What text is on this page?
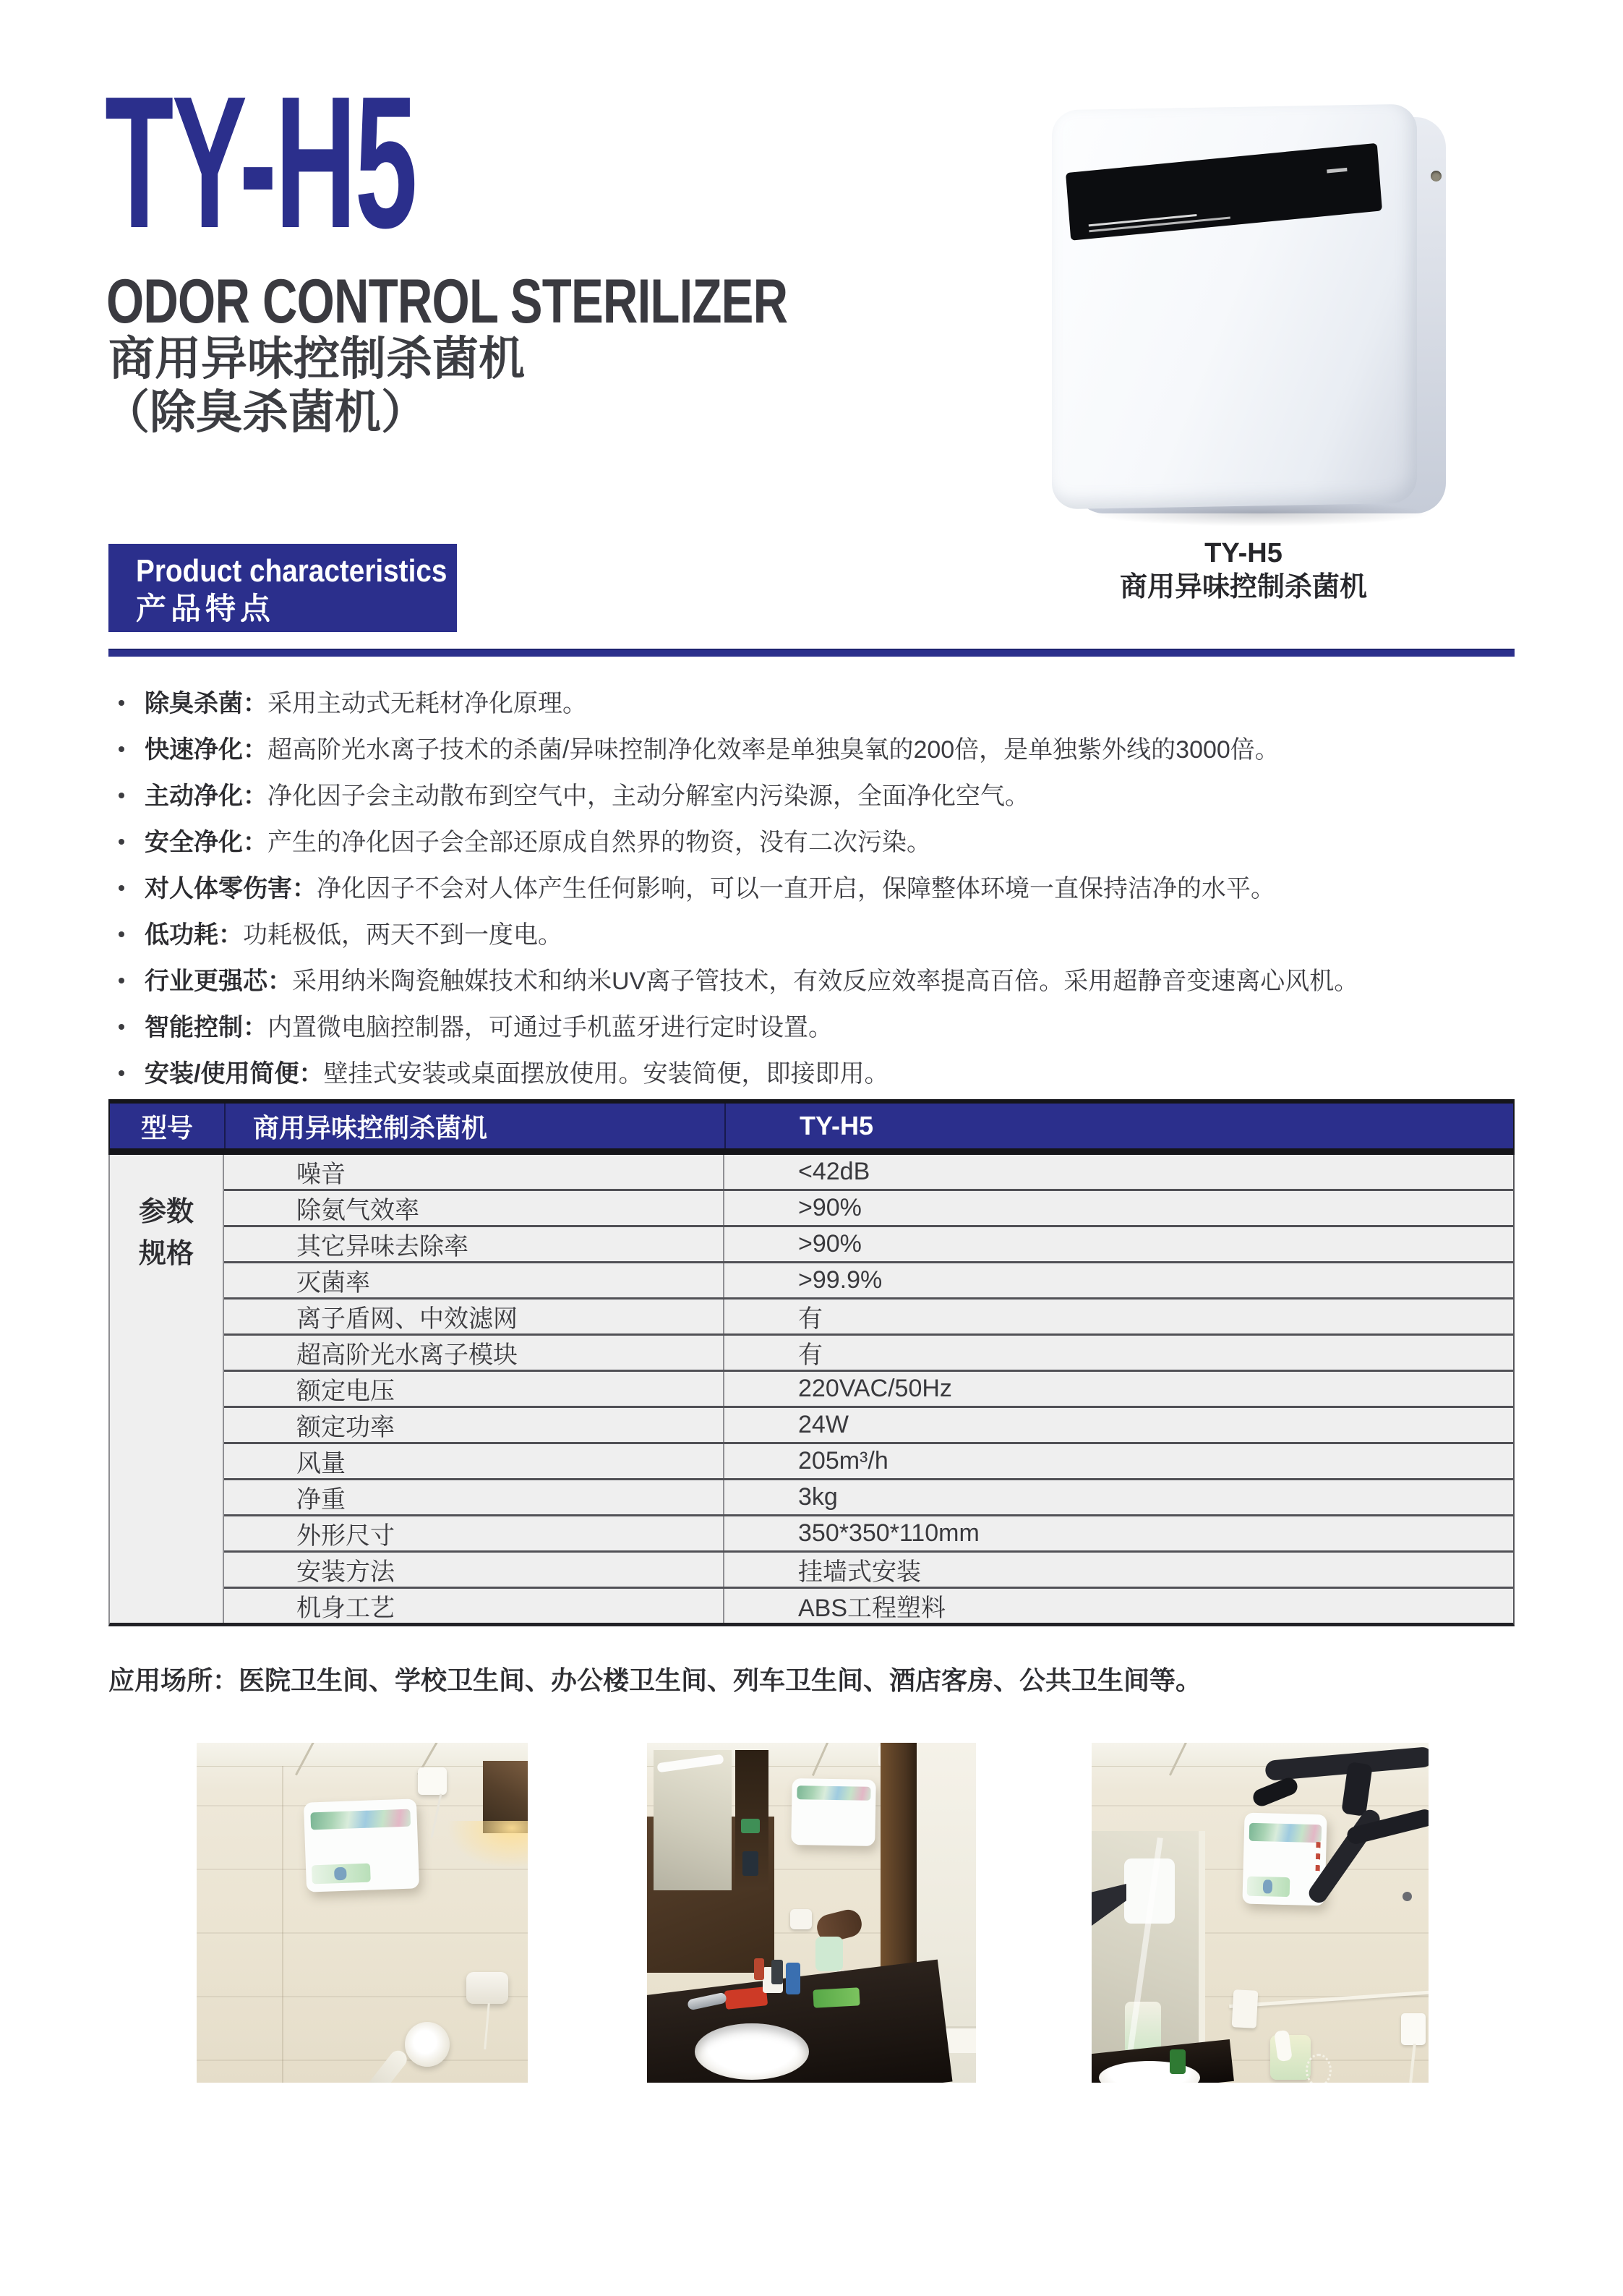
TY-H5
ODOR CONTROL STERILIZER
商用异味控制杀菌机
（除臭杀菌机）
TY-H5
商用异味控制杀菌机
Product characteristics
产品特点
除臭杀菌： 采用主动式无耗材净化原理。
快速净化： 超高阶光水离子技术的杀菌/异味控制净化效率是单独臭氧的200倍，是单独紫外线的3000倍。
主动净化： 净化因子会主动散布到空气中，主动分解室内污染源，全面净化空气。
安全净化： 产生的净化因子会全部还原成自然界的物资，没有二次污染。
对人体零伤害： 净化因子不会对人体产生任何影响，可以一直开启，保障整体环境一直保持洁净的水平。
低功耗： 功耗极低，两天不到一度电。
行业更强芯： 采用纳米陶瓷触媒技术和纳米UV离子管技术，有效反应效率提高百倍。采用超静音变速离心风机。
智能控制： 内置微电脑控制器，可通过手机蓝牙进行定时设置。
安装/使用简便： 壁挂式安装或桌面摆放使用。安装简便，即接即用。
型号	商用异味控制杀菌机	TY-H5
参数
规格
噪音	<42dB
除氨气效率	>90%
其它异味去除率	>90%
灭菌率	>99.9%
离子盾网、中效滤网	有
超高阶光水离子模块	有
额定电压	220VAC/50Hz
额定功率	24W
风量	205m³/h
净重	3kg
外形尺寸	350*350*110mm
安装方法	挂墙式安装
机身工艺	ABS工程塑料
应用场所：医院卫生间、学校卫生间、办公楼卫生间、列车卫生间、酒店客房、公共卫生间等。
